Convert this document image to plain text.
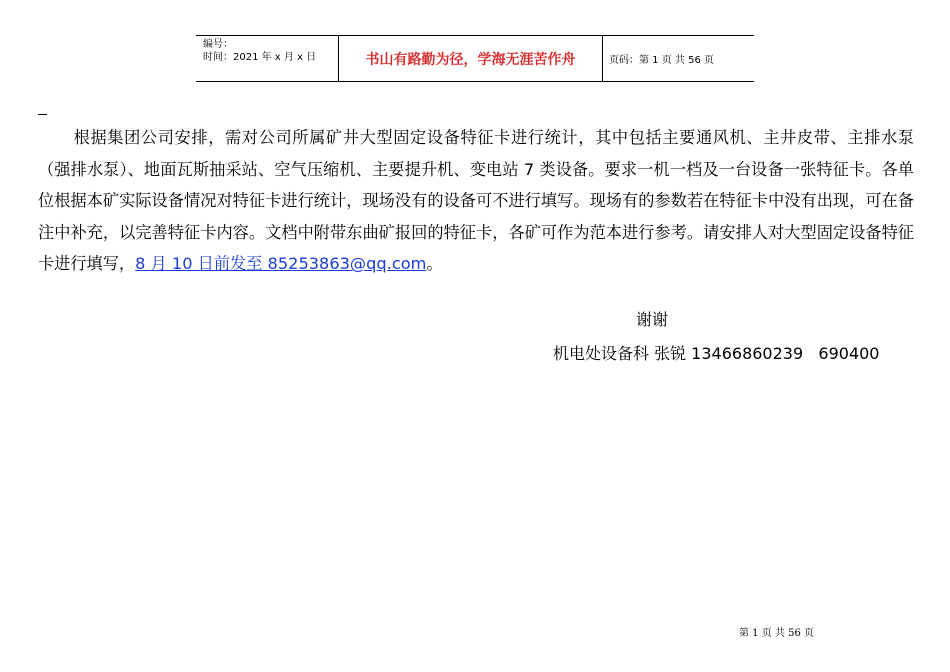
编号：
时间：2021 年 x 月 x 日	书山有路勤为径，学海无涯苦作舟	页码：第 1 页 共 56 页

根据集团公司安排，需对公司所属矿井大型固定设备特征卡进行统计，其中包括主要通风机、主井皮带、主排水泵（强排水泵）、地面瓦斯抽采站、空气压缩机、主要提升机、变电站 7 类设备。要求一机一档及一台设备一张特征卡。各单位根据本矿实际设备情况对特征卡进行统计，现场没有的设备可不进行填写。现场有的参数若在特征卡中没有出现，可在备注中补充，以完善特征卡内容。文档中附带东曲矿报回的特征卡，各矿可作为范本进行参考。请安排人对大型固定设备特征卡进行填写，8 月 10 日前发至 85253863@qq.com。

谢谢
机电处设备科 张锐 13466860239   690400
第 1 页 共 56 页
